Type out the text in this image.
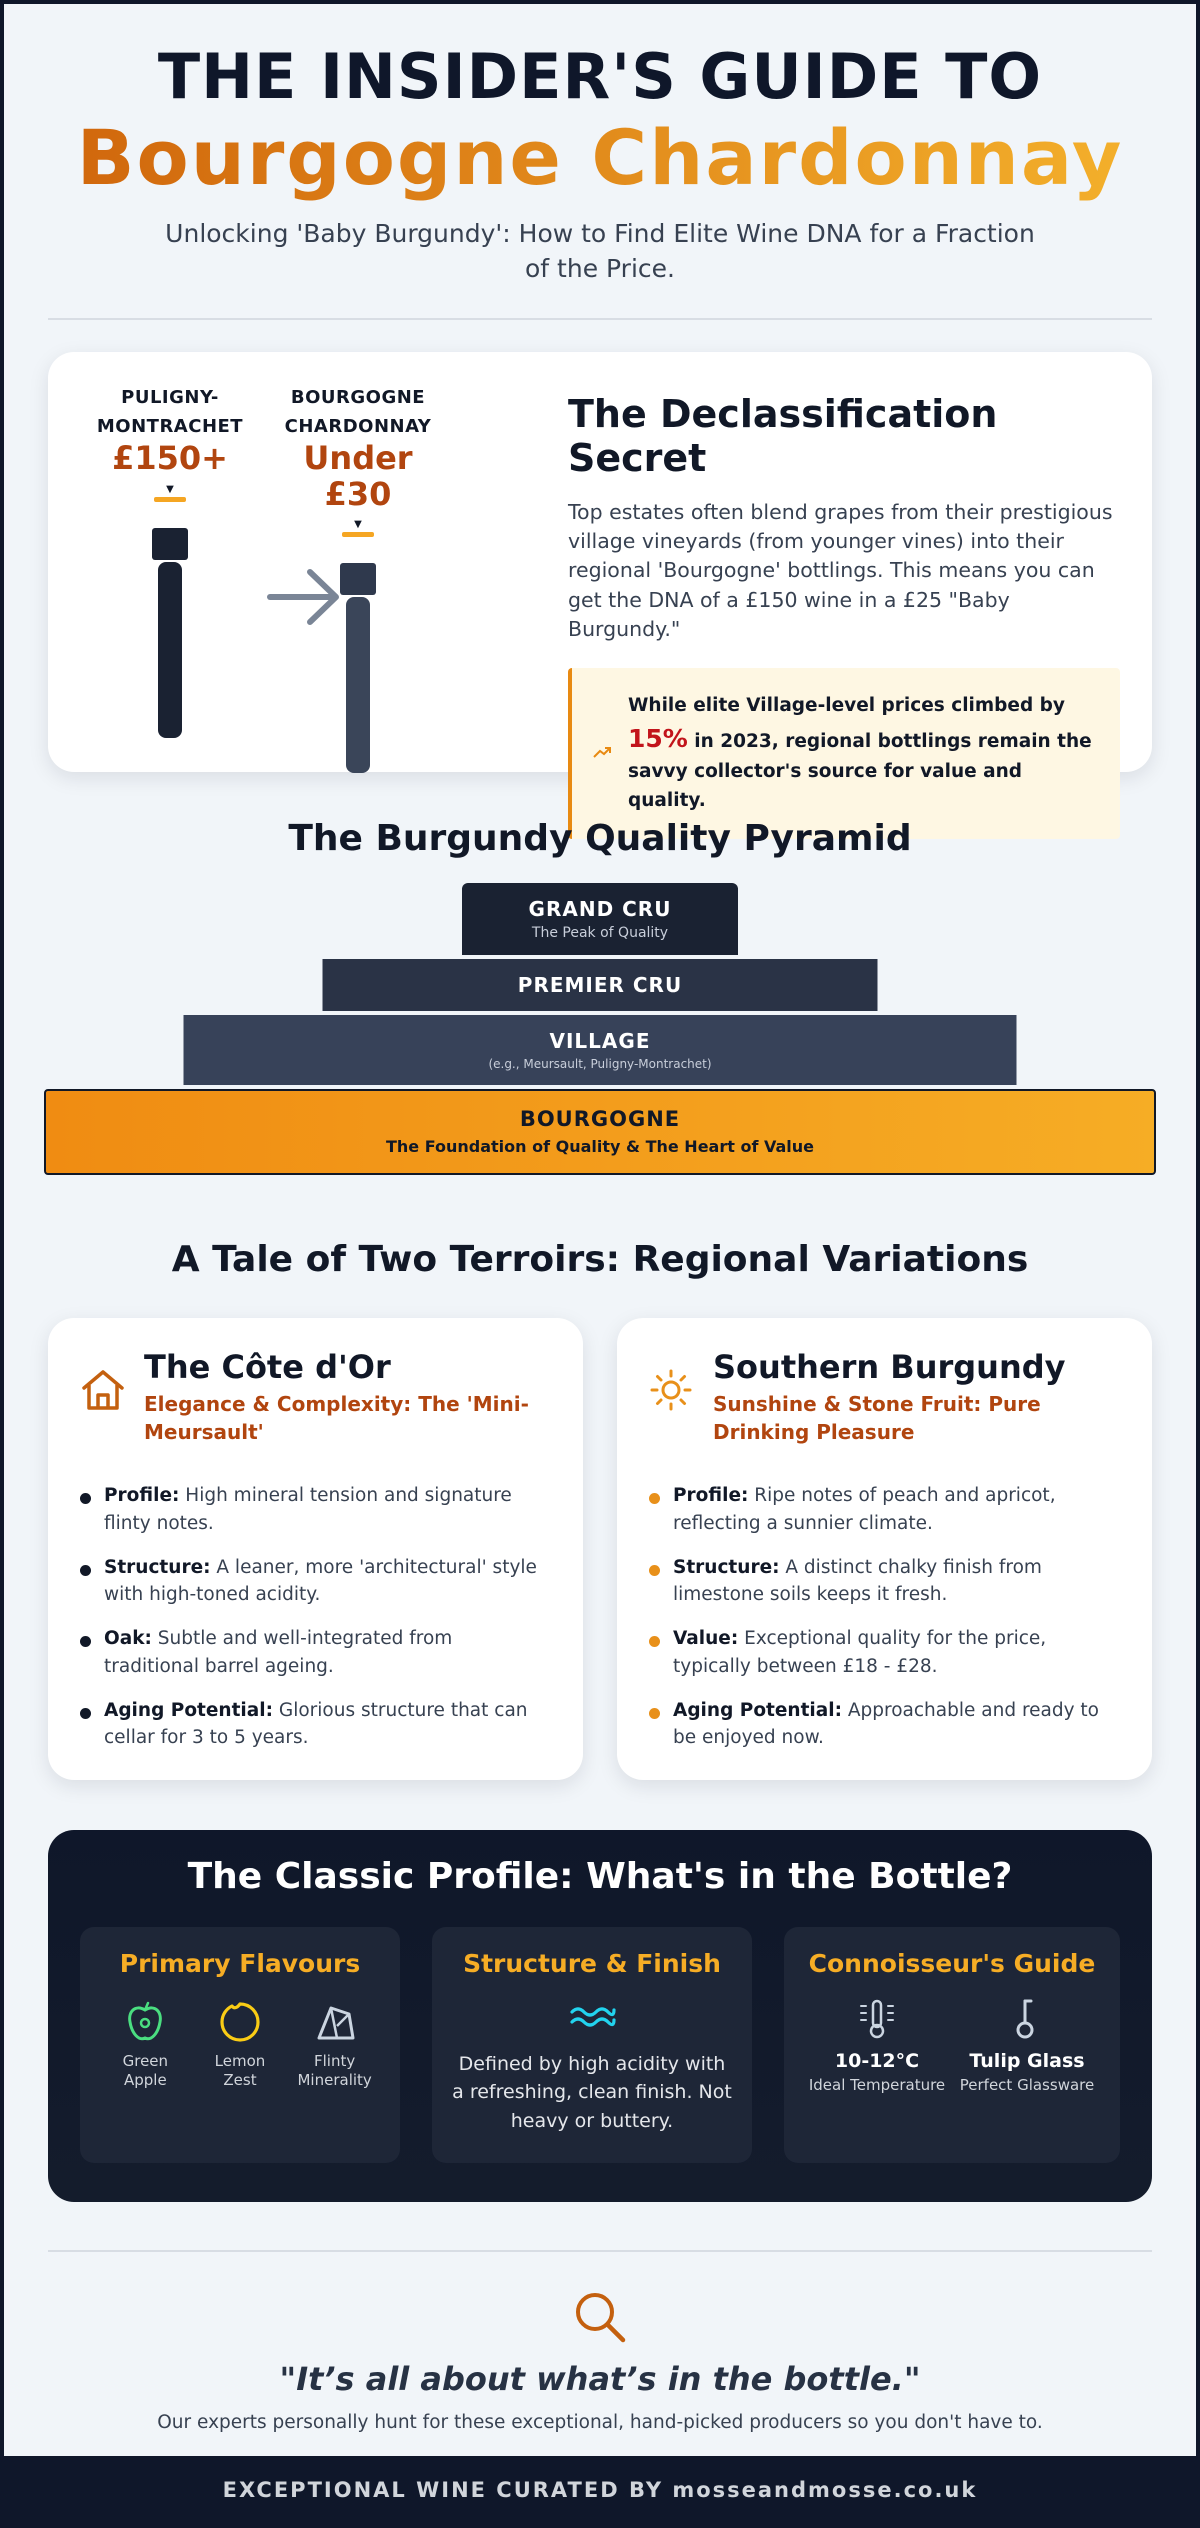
THE INSIDER'S GUIDE TO
Bourgogne Chardonnay
Unlocking 'Baby Burgundy': How to Find Elite Wine DNA for a Fraction of the Price.
PULIGNY-
MONTRACHET
£150+
▼
BOURGOGNE
CHARDONNAY
Under £30
▼
The Declassification Secret
Top estates often blend grapes from their prestigious village vineyards (from younger vines) into their regional 'Bourgogne' bottlings. This means you can get the DNA of a £150 wine in a £25 "Baby Burgundy."
While elite Village-level prices climbed by 15% in 2023, regional bottlings remain the savvy collector's source for value and quality.
The Burgundy Quality Pyramid
GRAND CRU
The Peak of Quality
PREMIER CRU
VILLAGE
(e.g., Meursault, Puligny-Montrachet)
BOURGOGNE
The Foundation of Quality & The Heart of Value
A Tale of Two Terroirs: Regional Variations
The Côte d'Or
Elegance & Complexity: The 'Mini-Meursault'
Profile: High mineral tension and signature flinty notes.
Structure: A leaner, more 'architectural' style with high-toned acidity.
Oak: Subtle and well-integrated from traditional barrel ageing.
Aging Potential: Glorious structure that can cellar for 3 to 5 years.
Southern Burgundy
Sunshine & Stone Fruit: Pure Drinking Pleasure
Profile: Ripe notes of peach and apricot, reflecting a sunnier climate.
Structure: A distinct chalky finish from limestone soils keeps it fresh.
Value: Exceptional quality for the price, typically between £18 - £28.
Aging Potential: Approachable and ready to be enjoyed now.
The Classic Profile: What's in the Bottle?
Primary Flavours
Green
Apple
Lemon
Zest
Flinty
Minerality
Structure & Finish
Defined by high acidity with a refreshing, clean finish. Not heavy or buttery.
Connoisseur's Guide
10-12°C
Ideal Temperature
Tulip Glass
Perfect Glassware
"It’s all about what’s in the bottle."
Our experts personally hunt for these exceptional, hand-picked producers so you don't have to.
EXCEPTIONAL WINE CURATED BY mosseandmosse.co.uk
